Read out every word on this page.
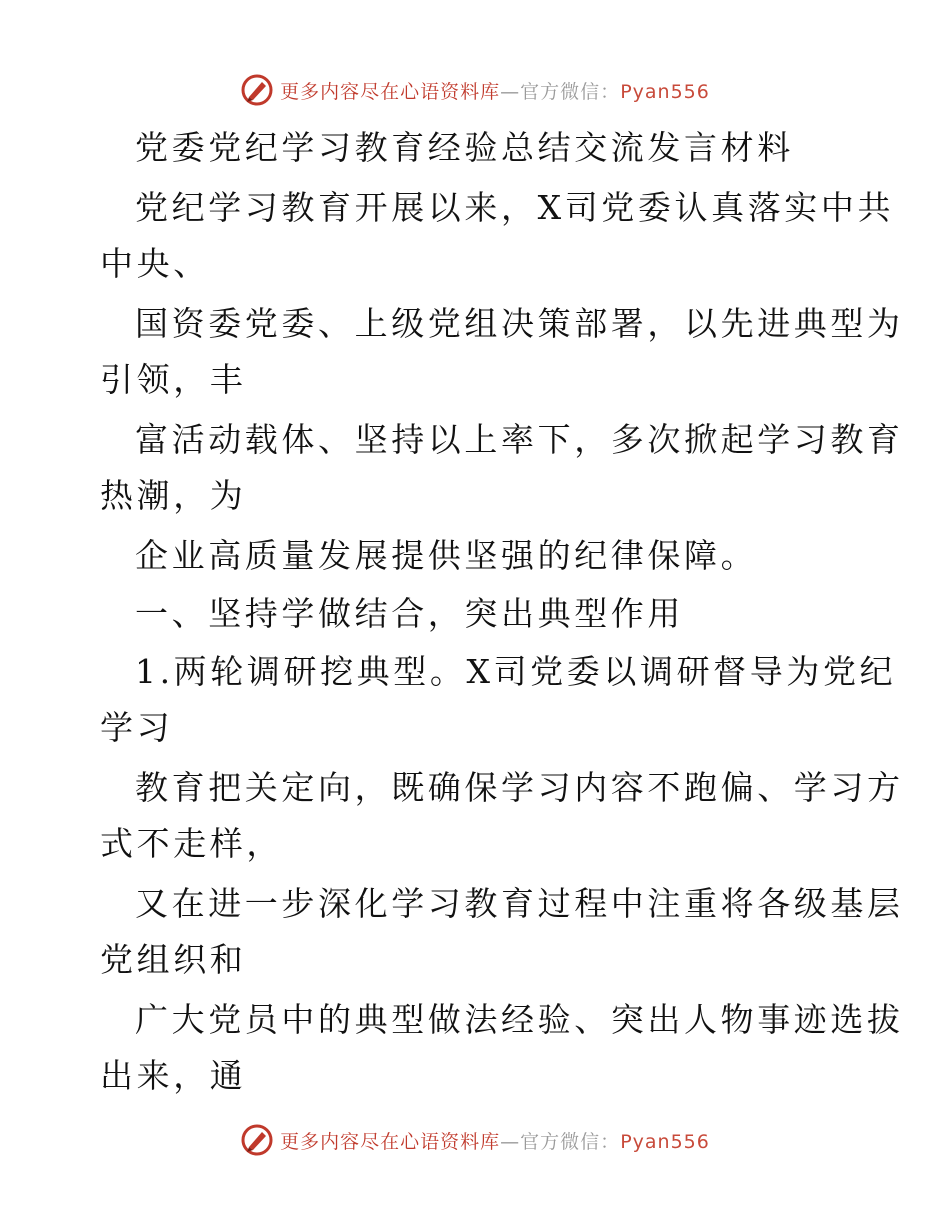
更多内容尽在心语资料库—官方微信：Pyan556
党委党纪学习教育经验总结交流发言材料
党纪学习教育开展以来，X司党委认真落实中共
中央、
国资委党委、上级党组决策部署，以先进典型为
引领，丰
富活动载体、坚持以上率下，多次掀起学习教育
热潮，为
企业高质量发展提供坚强的纪律保障。
一、坚持学做结合，突出典型作用
1.两轮调研挖典型。X司党委以调研督导为党纪
学习
教育把关定向，既确保学习内容不跑偏、学习方
式不走样，
又在进一步深化学习教育过程中注重将各级基层
党组织和
广大党员中的典型做法经验、突出人物事迹选拔
出来，通
更多内容尽在心语资料库—官方微信：Pyan556
